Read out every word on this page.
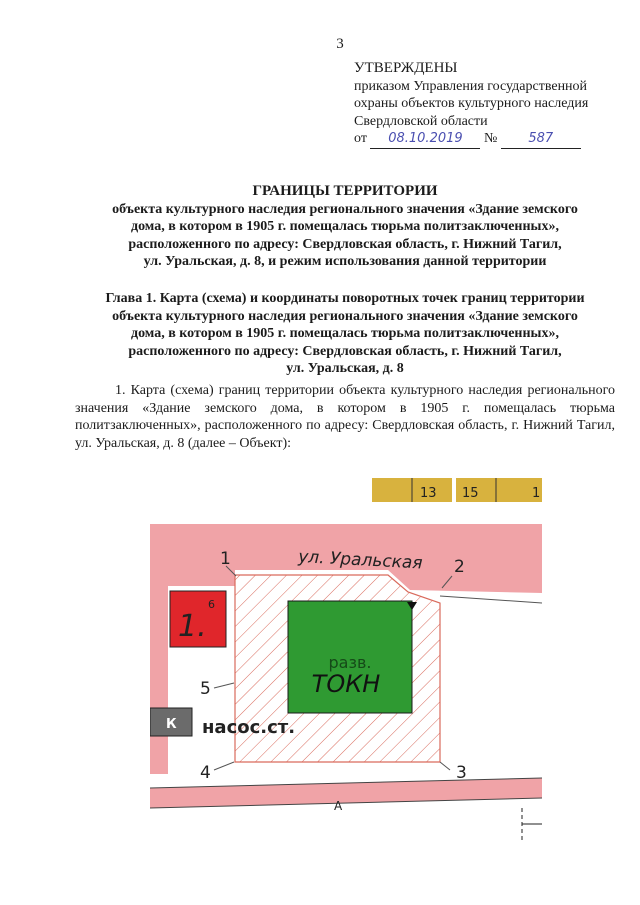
3
УТВЕРЖДЕНЫ
приказом Управления государственной
охраны объектов культурного наследия
Свердловской области
от 08.10.2019 № 587
ГРАНИЦЫ ТЕРРИТОРИИ
объекта культурного наследия регионального значения «Здание земского
дома, в котором в 1905 г. помещалась тюрьма политзаключенных»,
расположенного по адресу: Свердловская область, г. Нижний Тагил,
ул. Уральская, д. 8, и режим использования данной территории
Глава 1. Карта (схема) и координаты поворотных точек границ территории
объекта культурного наследия регионального значения «Здание земского
дома, в котором в 1905 г. помещалась тюрьма политзаключенных»,
расположенного по адресу: Свердловская область, г. Нижний Тагил,
ул. Уральская, д. 8

1. Карта (схема) границ территории объекта культурного наследия регионального значения «Здание земского дома, в котором в 1905 г. помещалась тюрьма политзаключенных», расположенного по адресу: Свердловская область, г. Нижний Тагил, ул. Уральская, д. 8 (далее – Объект):

13 15	1
ул. Уральская
разв.
ТОКН
1.
6
К насос.ст.
1	2
3
4
5
А
